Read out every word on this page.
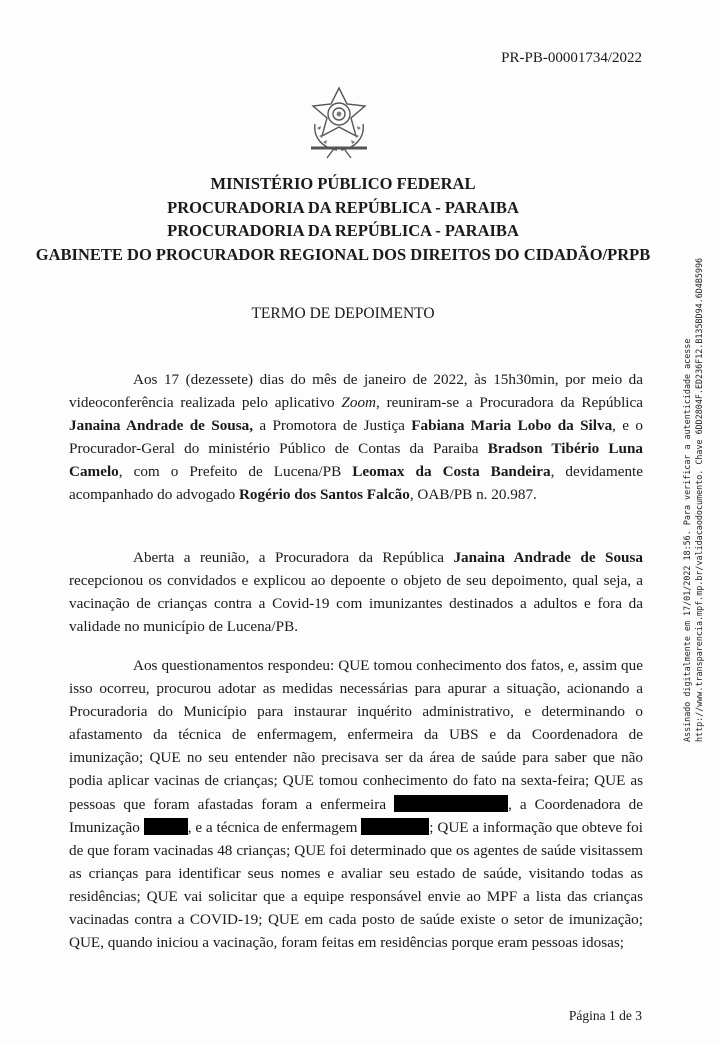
PR-PB-00001734/2022
MINISTÉRIO PÚBLICO FEDERAL
PROCURADORIA DA REPÚBLICA - PARAIBA
PROCURADORIA DA REPÚBLICA - PARAIBA
GABINETE DO PROCURADOR REGIONAL DOS DIREITOS DO CIDADÃO/PRPB
TERMO DE DEPOIMENTO
Aos 17 (dezessete) dias do mês de janeiro de 2022, às 15h30min, por meio da videoconferência realizada pelo aplicativo Zoom, reuniram-se a Procuradora da República Janaina Andrade de Sousa, a Promotora de Justiça Fabiana Maria Lobo da Silva, e o Procurador-Geral do ministério Público de Contas da Paraiba Bradson Tibério Luna Camelo, com o Prefeito de Lucena/PB Leomax da Costa Bandeira, devidamente acompanhado do advogado Rogério dos Santos Falcão, OAB/PB n. 20.987.
Aberta a reunião, a Procuradora da República Janaina Andrade de Sousa recepcionou os convidados e explicou ao depoente o objeto de seu depoimento, qual seja, a vacinação de crianças contra a Covid-19 com imunizantes destinados a adultos e fora da validade no município de Lucena/PB.
Aos questionamentos respondeu: QUE tomou conhecimento dos fatos, e, assim que isso ocorreu, procurou adotar as medidas necessárias para apurar a situação, acionando a Procuradoria do Município para instaurar inquérito administrativo, e determinando o afastamento da técnica de enfermagem, enfermeira da UBS e da Coordenadora de imunização; QUE no seu entender não precisava ser da área de saúde para saber que não podia aplicar vacinas de crianças; QUE tomou conhecimento do fato na sexta-feira; QUE as pessoas que foram afastadas foram a enfermeira	, a Coordenadora de Imunização	, e a técnica de enfermagem	; QUE a informação que obteve foi de que foram vacinadas 48 crianças; QUE foi determinado que os agentes de saúde visitassem as crianças para identificar seus nomes e avaliar seu estado de saúde, visitando todas as residências; QUE vai solicitar que a equipe responsável envie ao MPF a lista das crianças vacinadas contra a COVID-19; QUE em cada posto de saúde existe o setor de imunização; QUE, quando iniciou a vacinação, foram feitas em residências porque eram pessoas idosas;
Página 1 de 3
Assinado digitalmente em 17/01/2022 18:56. Para verificar a autenticidade acesse http://www.transparencia.mpf.mp.br/validacaodocumento. Chave 6DD2804F.ED236F12.B135BD94.6D4B5996
